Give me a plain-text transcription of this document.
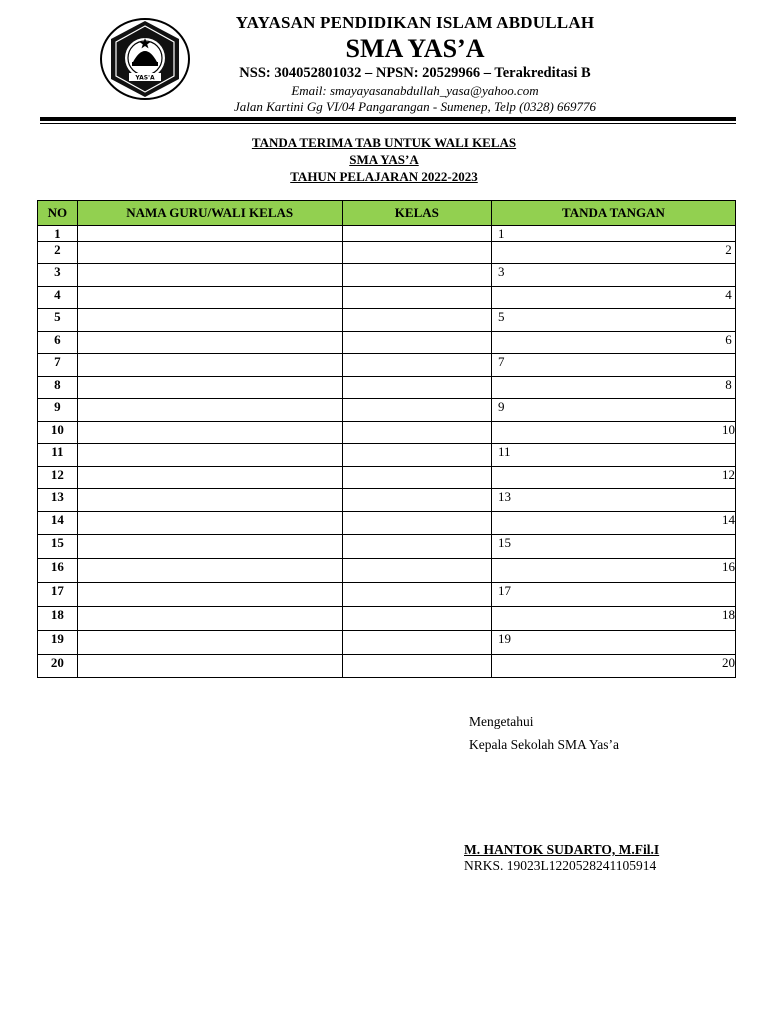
YAS'A
YAYASAN PENDIDIKAN ISLAM ABDULLAH
SMA YAS’A
NSS: 304052801032 – NPSN: 20529966 – Terakreditasi B
Email: smayayasanabdullah_yasa@yahoo.com
Jalan Kartini Gg VI/04 Pangarangan - Sumenep, Telp (0328) 669776
TANDA TERIMA TAB UNTUK WALI KELAS
SMA YAS’A
TAHUN PELAJARAN 2022-2023
NO	NAMA GURU/WALI KELAS	KELAS	TANDA TANGAN
1			1
2			2
3			3
4			4
5			5
6			6
7			7
8			8
9			9
10			10
11			11
12			12
13			13
14			14
15			15
16			16
17			17
18			18
19			19
20			20
Mengetahui
Kepala Sekolah SMA Yas’a
M. HANTOK SUDARTO, M.Fil.I
NRKS. 19023L1220528241105914
